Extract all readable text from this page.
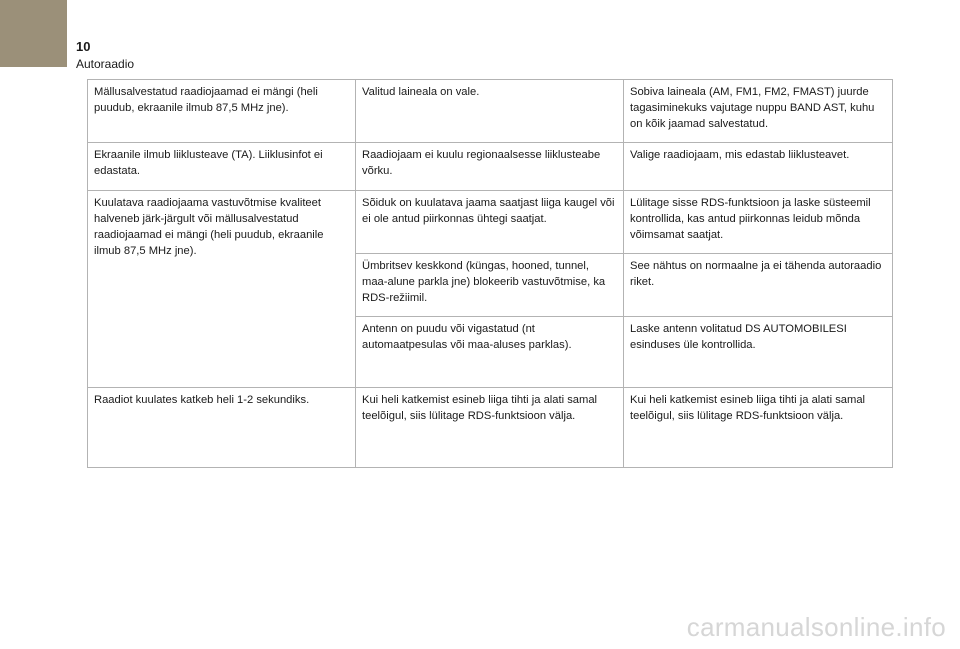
10
Autoraadio
Mällusalvestatud raadiojaamad ei mängi (heli puudub, ekraanile ilmub 87,5 MHz jne).	Valitud laineala on vale.	Sobiva laineala (AM, FM1, FM2, FMAST) juurde tagasiminekuks vajutage nuppu BAND AST, kuhu on kõik jaamad salvestatud.
Ekraanile ilmub liiklusteave (TA). Liiklusinfot ei edastata.	Raadiojaam ei kuulu regionaalsesse liiklusteabe võrku.	Valige raadiojaam, mis edastab liiklusteavet.
Kuulatava raadiojaama vastuvõtmise kvaliteet halveneb järk-järgult või mällusalvestatud raadiojaamad ei mängi (heli puudub, ekraanile ilmub 87,5 MHz jne).	Sõiduk on kuulatava jaama saatjast liiga kaugel või ei ole antud piirkonnas ühtegi saatjat.	Lülitage sisse RDS-funktsioon ja laske süsteemil kontrollida, kas antud piirkonnas leidub mõnda võimsamat saatjat.
	Ümbritsev keskkond (küngas, hooned, tunnel, maa-alune parkla jne) blokeerib vastuvõtmise, ka RDS-režiimil.	See nähtus on normaalne ja ei tähenda autoraadio riket.
	Antenn on puudu või vigastatud (nt automaatpesulas või maa-aluses parklas).	Laske antenn volitatud DS AUTOMOBILESI esinduses üle kontrollida.
Raadiot kuulates katkeb heli 1-2 sekundiks.	Kui heli katkemist esineb liiga tihti ja alati samal teelõigul, siis lülitage RDS-funktsioon välja.	Kui heli katkemist esineb liiga tihti ja alati samal teelõigul, siis lülitage RDS-funktsioon välja.
carmanualsonline.info
